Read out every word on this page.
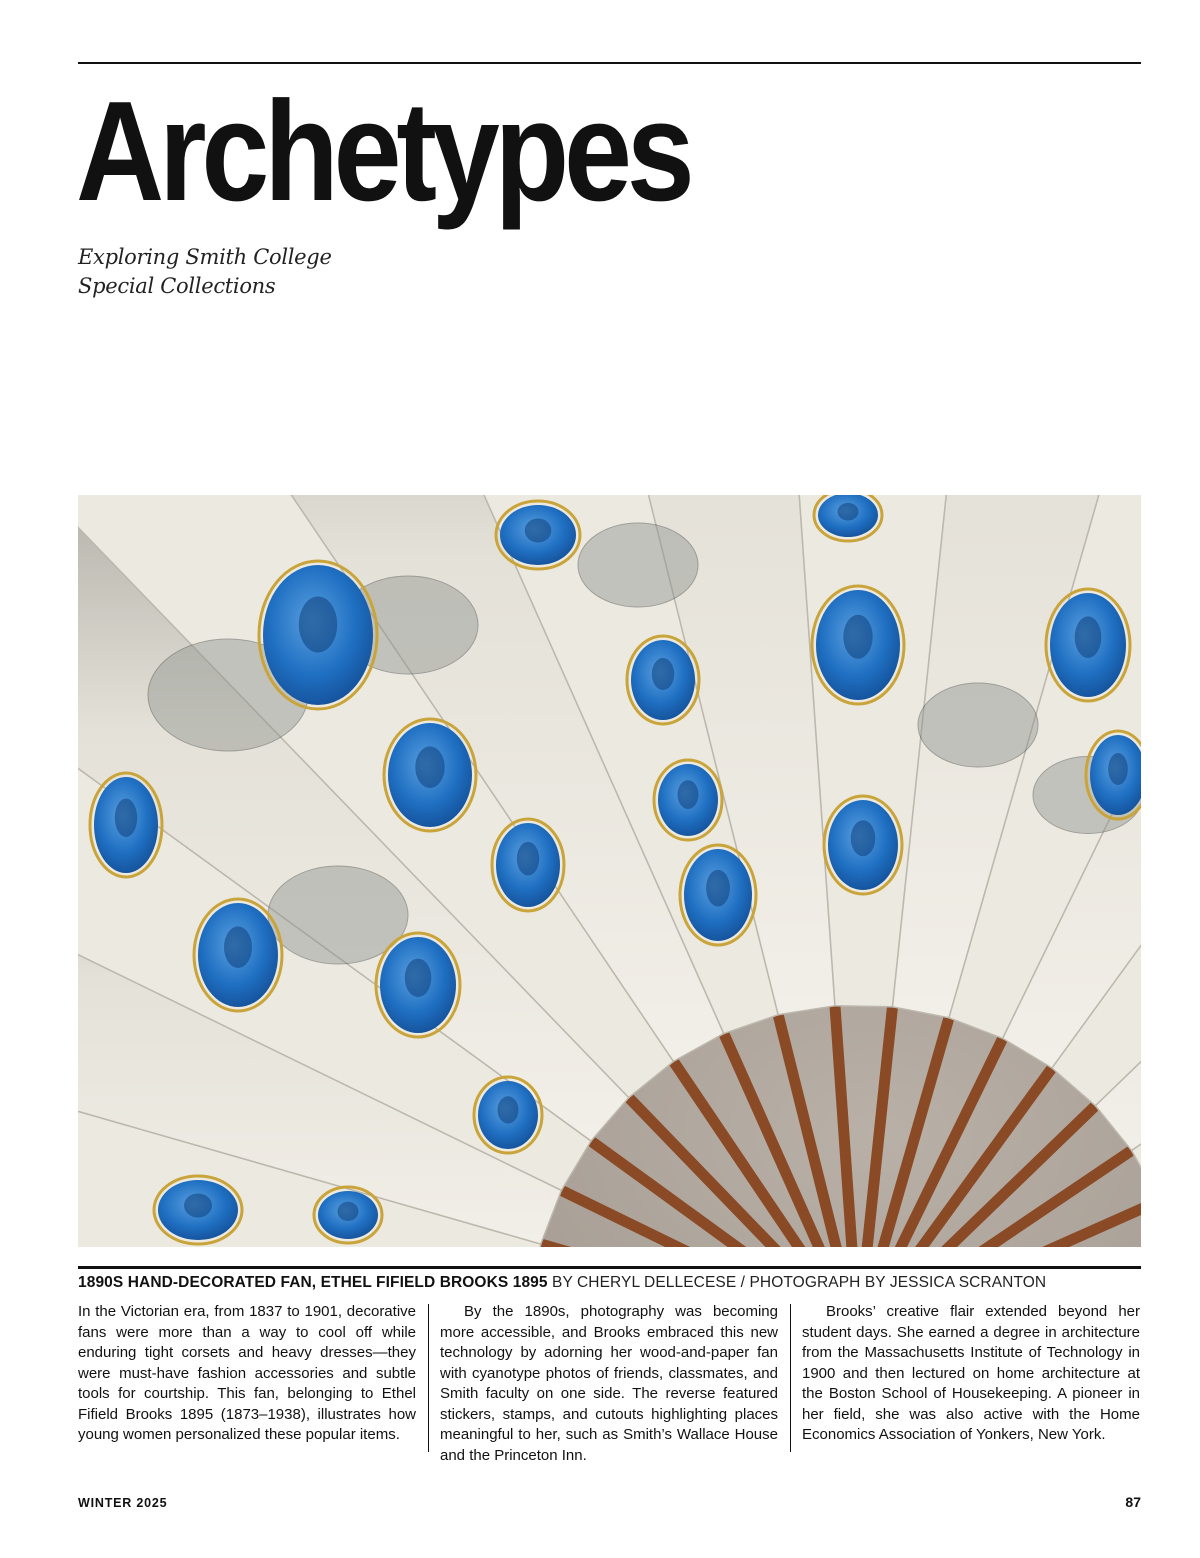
Archetypes
Exploring Smith College
Special Collections
1890S HAND-DECORATED FAN, ETHEL FIFIELD BROOKS 1895 BY CHERYL DELLECESE / PHOTOGRAPH BY JESSICA SCRANTON
In the Victorian era, from 1837 to 1901, decorative fans were more than a way to cool off while enduring tight corsets and heavy dresses—they were must-have fashion accessories and subtle tools for courtship. This fan, belonging to Ethel Fifield Brooks 1895 (1873–1938), illustrates how young women personalized these popular items.
By the 1890s, photography was becoming more accessible, and Brooks embraced this new technology by adorning her wood-and-paper fan with cyanotype photos of friends, classmates, and Smith faculty on one side. The reverse featured stickers, stamps, and cutouts highlighting places meaningful to her, such as Smith’s Wallace House and the Princeton Inn.
Brooks’ creative flair extended beyond her student days. She earned a degree in architecture from the Massachusetts Institute of Technology in 1900 and then lectured on home architecture at the Boston School of Housekeeping. A pioneer in her field, she was also active with the Home Economics Association of Yonkers, New York.
WINTER 2025	87
